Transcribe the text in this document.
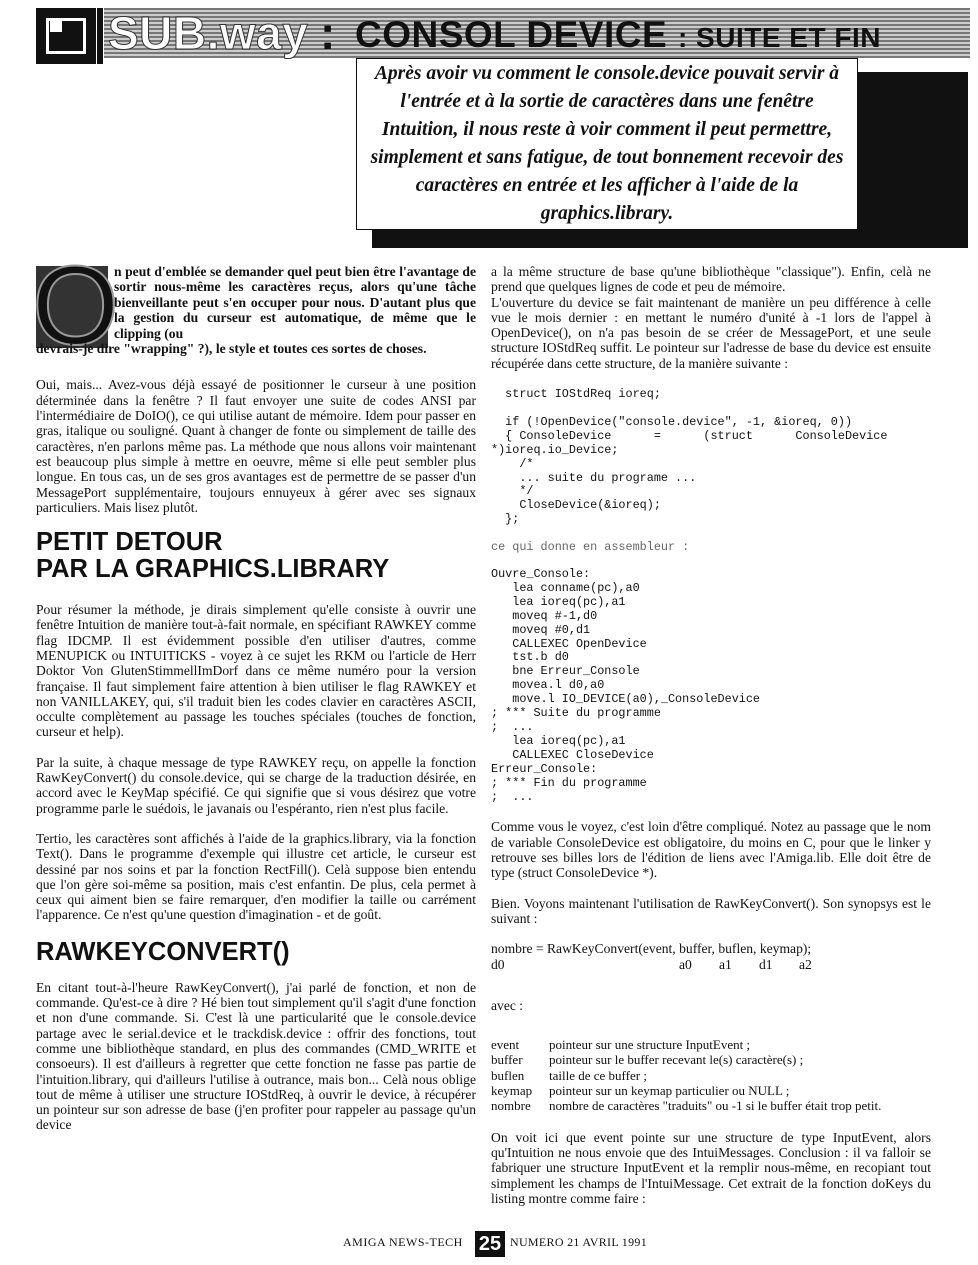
SUB.way : CONSOL DEVICE : SUITE ET FIN

Après avoir vu comment le console.device pouvait servir à l'entrée et à la sortie de caractères dans une fenêtre Intuition, il nous reste à voir comment il peut permettre, simplement et sans fatigue, de tout bonnement recevoir des caractères en entrée et les afficher à l'aide de la graphics.library.

O
n peut d'emblée se demander quel peut bien être l'avantage de sortir nous-même les caractères reçus, alors qu'une tâche bienveillante peut s'en occuper pour nous. D'autant plus que la gestion du curseur est automatique, de même que le clipping (ou
devrais-je dire "wrapping" ?), le style et toutes ces sortes de choses.

Oui, mais... Avez-vous déjà essayé de positionner le curseur à une position déterminée dans la fenêtre ? Il faut envoyer une suite de codes ANSI par l'intermédiaire de DoIO(), ce qui utilise autant de mémoire. Idem pour passer en gras, italique ou souligné. Quant à changer de fonte ou simplement de taille des caractères, n'en parlons même pas. La méthode que nous allons voir maintenant est beaucoup plus simple à mettre en oeuvre, même si elle peut sembler plus longue. En tous cas, un de ses gros avantages est de permettre de se passer d'un MessagePort supplémentaire, toujours ennuyeux à gérer avec ses signaux particuliers. Mais lisez plutôt.

PETIT DETOUR
PAR LA GRAPHICS.LIBRARY

Pour résumer la méthode, je dirais simplement qu'elle consiste à ouvrir une fenêtre Intuition de manière tout-à-fait normale, en spécifiant RAWKEY comme flag IDCMP. Il est évidemment possible d'en utiliser d'autres, comme MENUPICK ou INTUITICKS - voyez à ce sujet les RKM ou l'article de Herr Doktor Von GlutenStimmellImDorf dans ce même numéro pour la version française. Il faut simplement faire attention à bien utiliser le flag RAWKEY et non VANILLAKEY, qui, s'il traduit bien les codes clavier en caractères ASCII, occulte complètement au passage les touches spéciales (touches de fonction, curseur et help).

Par la suite, à chaque message de type RAWKEY reçu, on appelle la fonction RawKeyConvert() du console.device, qui se charge de la traduction désirée, en accord avec le KeyMap spécifié. Ce qui signifie que si vous désirez que votre programme parle le suédois, le javanais ou l'espéranto, rien n'est plus facile.

Tertio, les caractères sont affichés à l'aide de la graphics.library, via la fonction Text(). Dans le programme d'exemple qui illustre cet article, le curseur est dessiné par nos soins et par la fonction RectFill(). Celà suppose bien entendu que l'on gère soi-même sa position, mais c'est enfantin. De plus, cela permet à ceux qui aiment bien se faire remarquer, d'en modifier la taille ou carrément l'apparence. Ce n'est qu'une question d'imagination - et de goût.

RAWKEYCONVERT()

En citant tout-à-l'heure RawKeyConvert(), j'ai parlé de fonction, et non de commande. Qu'est-ce à dire ? Hé bien tout simplement qu'il s'agit d'une fonction et non d'une commande. Si. C'est là une particularité que le console.device partage avec le serial.device et le trackdisk.device : offrir des fonctions, tout comme une bibliothèque standard, en plus des commandes (CMD_WRITE et consoeurs). Il est d'ailleurs à regretter que cette fonction ne fasse pas partie de l'intuition.library, qui d'ailleurs l'utilise à outrance, mais bon... Celà nous oblige tout de même à utiliser une structure IOStdReq, à ouvrir le device, à récupérer un pointeur sur son adresse de base (j'en profiter pour rappeler au passage qu'un device

a la même structure de base qu'une bibliothèque "classique"). Enfin, celà ne prend que quelques lignes de code et peu de mémoire.

L'ouverture du device se fait maintenant de manière un peu différence à celle vue le mois dernier : en mettant le numéro d'unité à -1 lors de l'appel à OpenDevice(), on n'a pas besoin de se créer de MessagePort, et une seule structure IOStdReq suffit. Le pointeur sur l'adresse de base du device est ensuite récupérée dans cette structure, de la manière suivante :

struct IOStdReq ioreq;

if (!OpenDevice("console.device", -1, &ioreq, 0))
{ ConsoleDevice      =      (struct      ConsoleDevice
*)ioreq.io_Device;
/*
... suite du programe ...
*/
CloseDevice(&ioreq);
};

ce qui donne en assembleur :

Ouvre_Console:
lea conname(pc),a0
lea ioreq(pc),a1
moveq #-1,d0
moveq #0,d1
CALLEXEC OpenDevice
tst.b d0
bne Erreur_Console
movea.l d0,a0
move.l IO_DEVICE(a0),_ConsoleDevice
; *** Suite du programme
;  ...
lea ioreq(pc),a1
CALLEXEC CloseDevice
Erreur_Console:
; *** Fin du programme
;  ...

Comme vous le voyez, c'est loin d'être compliqué. Notez au passage que le nom de variable ConsoleDevice est obligatoire, du moins en C, pour que le linker y retrouve ses billes lors de l'édition de liens avec l'Amiga.lib. Elle doit être de type (struct ConsoleDevice *).

Bien. Voyons maintenant l'utilisation de RawKeyConvert(). Son synopsys est le suivant :

nombre = RawKeyConvert(event, buffer, buflen, keymap);
d0	a0	a1	d1	a2

avec :

event	pointeur sur une structure InputEvent ;
buffer	pointeur sur le buffer recevant le(s) caractère(s) ;
buflen	taille de ce buffer ;
keymap	pointeur sur un keymap particulier ou NULL ;
nombre	nombre de caractères "traduits" ou -1 si le buffer était trop petit.

On voit ici que event pointe sur une structure de type InputEvent, alors qu'Intuition ne nous envoie que des IntuiMessages. Conclusion : il va falloir se fabriquer une structure InputEvent et la remplir nous-même, en recopiant tout simplement les champs de l'IntuiMessage. Cet extrait de la fonction doKeys du listing montre comme faire :

AMIGA NEWS-TECH 25 NUMERO 21 AVRIL 1991
